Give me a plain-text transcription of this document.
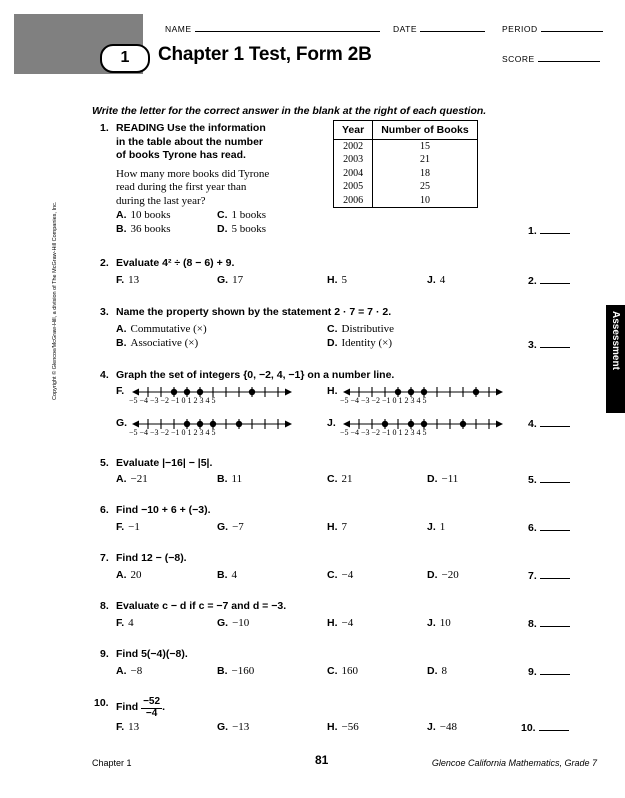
NAME	DATE	PERIOD
SCORE
1	Chapter 1 Test, Form 2B
Write the letter for the correct answer in the blank at the right of each question.
Assessment
Copyright © Glencoe/McGraw-Hill, a division of The McGraw-Hill Companies, Inc.
1. READING Use the information
in the table about the number
of books Tyrone has read.
How many more books did Tyrone
read during the first year than
during the last year?
Year	Number of Books
2002	15
2003	21
2004	18
2005	25
2006	10
A. 10 books	C. 1 books
B. 36 books	D. 5 books	1.
2. Evaluate 4² ÷ (8 − 6) + 9.
F. 13	G. 17	H. 5	J. 4	2.
3. Name the property shown by the statement 2 · 7 = 7 · 2.
A. Commutative (×)	C. Distributive
B. Associative (×)	D. Identity (×)	3.
4. Graph the set of integers {0, −2, 4, −1} on a number line.
F.
−5 −4 −3 −2 −1 0 1 2 3 4 5
H.
−5 −4 −3 −2 −1 0 1 2 3 4 5
G.
−5 −4 −3 −2 −1 0 1 2 3 4 5
J.
−5 −4 −3 −2 −1 0 1 2 3 4 5
4.
5. Evaluate |−16| − |5|.
A. −21	B. 11	C. 21	D. −11	5.
6. Find −10 + 6 + (−3).
F. −1	G. −7	H. 7	J. 1	6.
7. Find 12 − (−8).
A. 20	B. 4	C. −4	D. −20	7.
8. Evaluate c − d if c = −7 and d = −3.
F. 4	G. −10	H. −4	J. 10	8.
9. Find 5(−4)(−8).
A. −8	B. −160	C. 160	D. 8	9.
10. Find $\frac{-52}{-4}$ .
F. 13	G. −13	H. −56	J. −48	10.
Chapter 1	81	Glencoe California Mathematics, Grade 7
